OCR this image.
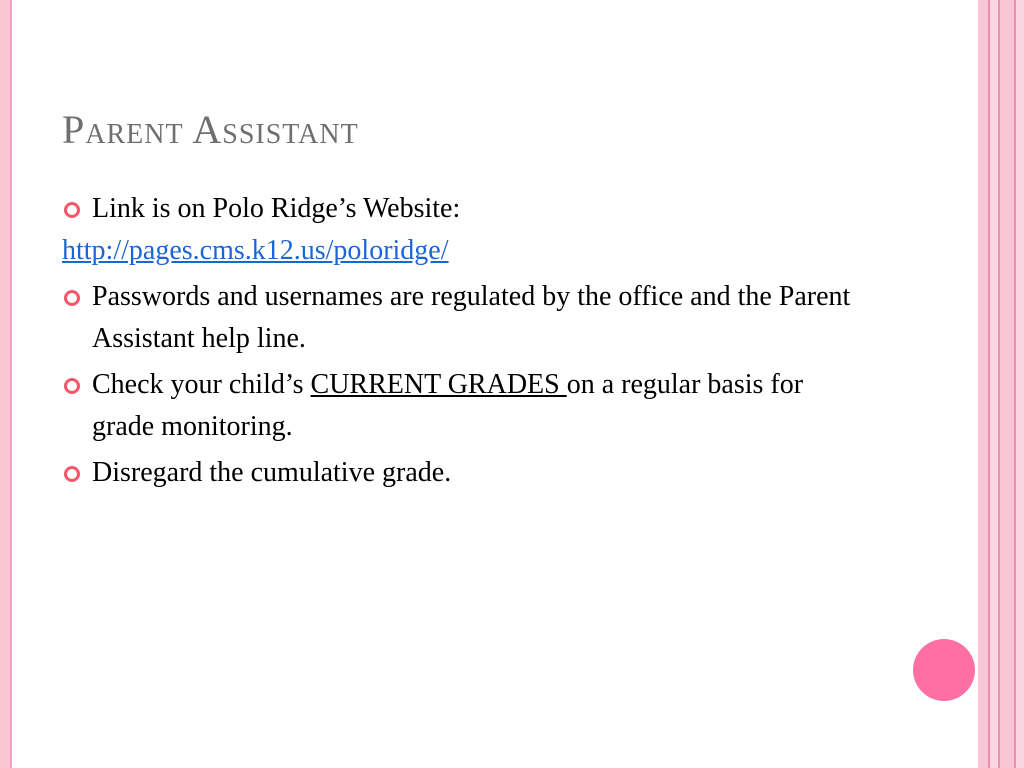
Parent Assistant
Link is on Polo Ridge’s Website:
http://pages.cms.k12.us/poloridge/
Passwords and usernames are regulated by the office and the Parent Assistant help line.
Check your child’s CURRENT GRADES on a regular basis for grade monitoring.
Disregard the cumulative grade.
